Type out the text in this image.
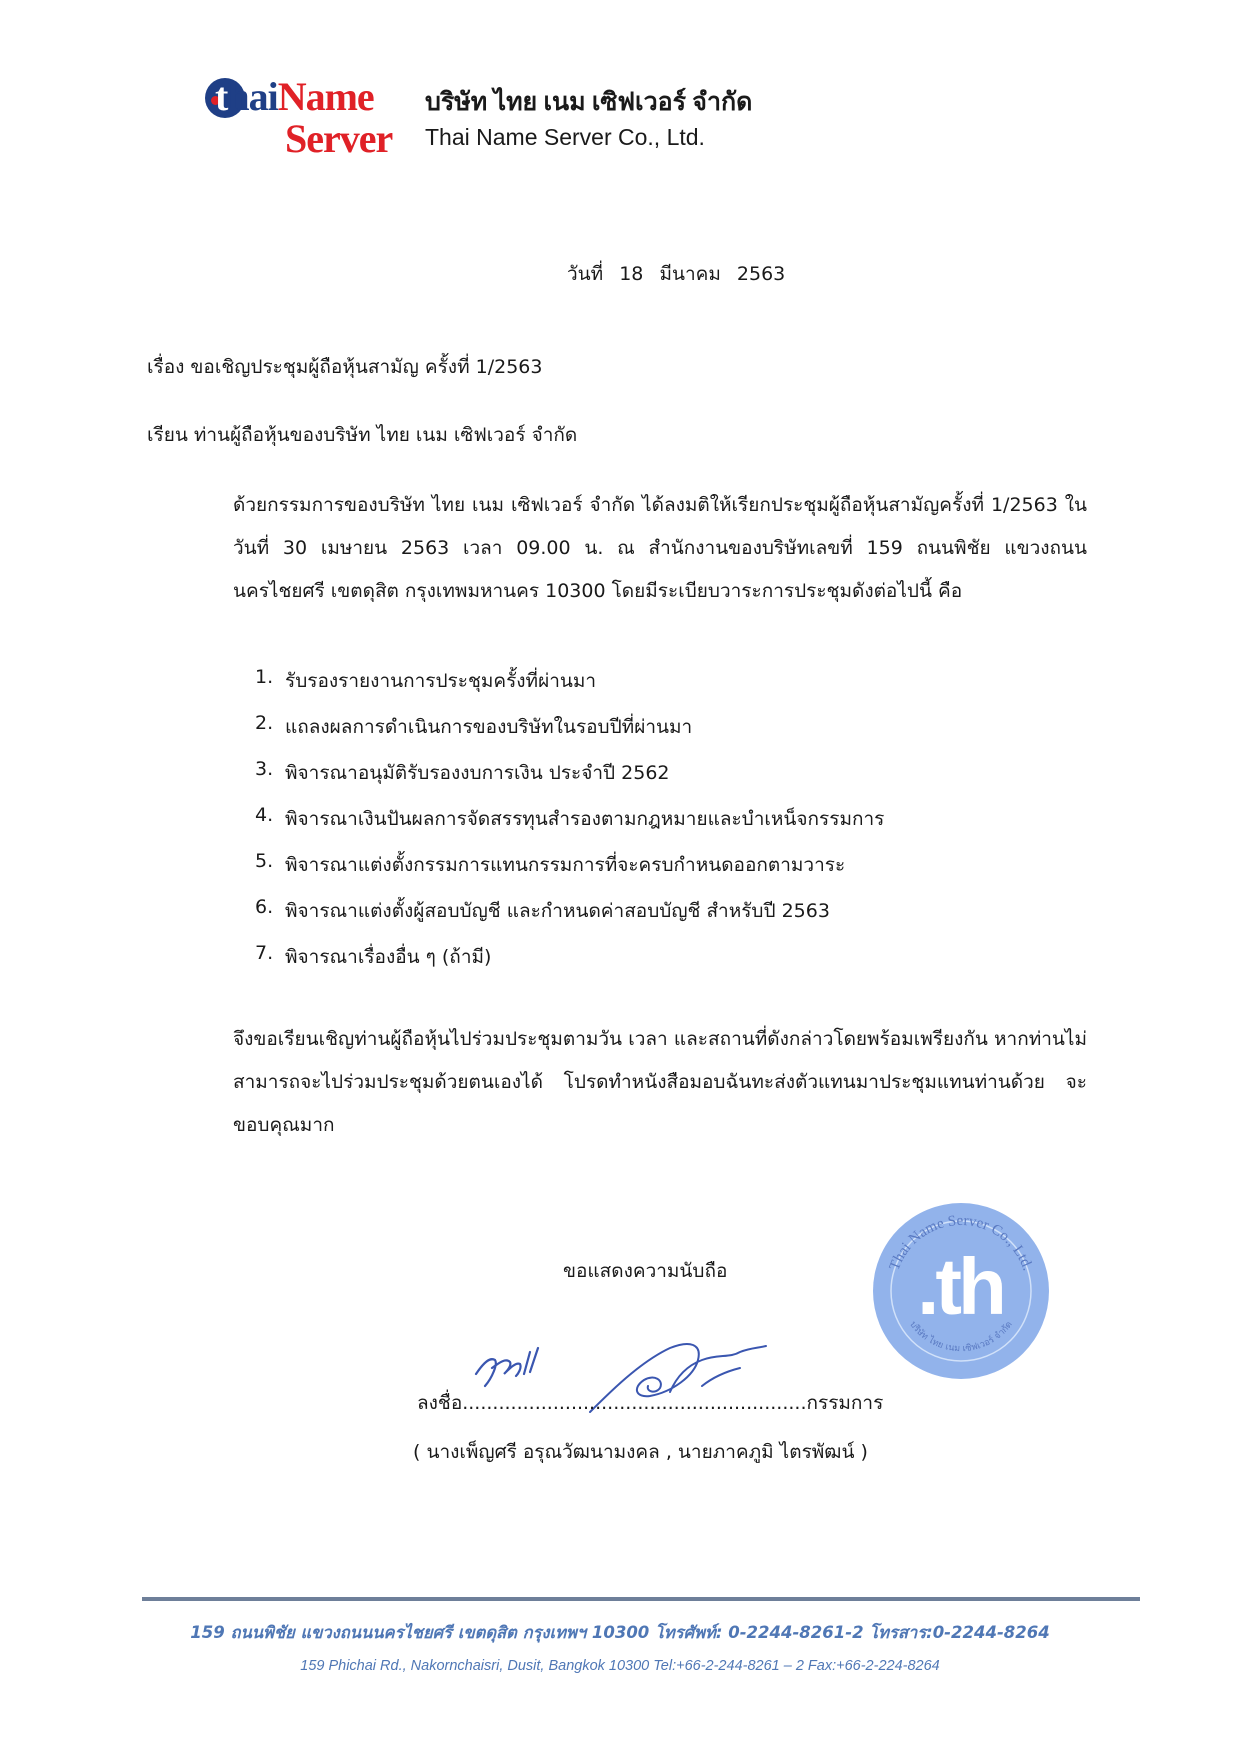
thaiName
Server
บริษัท ไทย เนม เซิฟเวอร์ จำกัด
Thai Name Server Co., Ltd.
วันที่ 18 มีนาคม 2563
เรื่อง ขอเชิญประชุมผู้ถือหุ้นสามัญ ครั้งที่ 1/2563
เรียน ท่านผู้ถือหุ้นของบริษัท ไทย เนม เซิฟเวอร์ จำกัด

ด้วยกรรมการของบริษัท ไทย เนม เซิฟเวอร์ จำกัด ได้ลงมติให้เรียกประชุมผู้ถือหุ้นสามัญครั้งที่ 1/2563 ในวันที่ 30 เมษายน 2563 เวลา 09.00 น. ณ สำนักงานของบริษัทเลขที่ 159 ถนนพิชัย แขวงถนนนครไชยศรี เขตดุสิต กรุงเทพมหานคร 10300 โดยมีระเบียบวาระการประชุมดังต่อไปนี้ คือ

1. รับรองรายงานการประชุมครั้งที่ผ่านมา
2. แถลงผลการดำเนินการของบริษัทในรอบปีที่ผ่านมา
3. พิจารณาอนุมัติรับรองงบการเงิน ประจำปี 2562
4. พิจารณาเงินปันผลการจัดสรรทุนสำรองตามกฎหมายและบำเหน็จกรรมการ
5. พิจารณาแต่งตั้งกรรมการแทนกรรมการที่จะครบกำหนดออกตามวาระ
6. พิจารณาแต่งตั้งผู้สอบบัญชี และกำหนดค่าสอบบัญชี สำหรับปี 2563
7. พิจารณาเรื่องอื่น ๆ (ถ้ามี)

จึงขอเรียนเชิญท่านผู้ถือหุ้นไปร่วมประชุมตามวัน เวลา และสถานที่ดังกล่าวโดยพร้อมเพรียงกัน หากท่านไม่สามารถจะไปร่วมประชุมด้วยตนเองได้ โปรดทำหนังสือมอบฉันทะส่งตัวแทนมาประชุมแทนท่านด้วย จะขอบคุณมาก

ขอแสดงความนับถือ	Thai Name Server Co., Ltd.
บริษัท ไทย เนม เซิฟเวอร์ จำกัด
.th
ลงชื่อ.........................................................กรรมการ
( นางเพ็ญศรี อรุณวัฒนามงคล , นายภาคภูมิ ไตรพัฒน์ )
159 ถนนพิชัย แขวงถนนนครไชยศรี เขตดุสิต กรุงเทพฯ 10300 โทรศัพท์: 0-2244-8261-2 โทรสาร:0-2244-8264
159 Phichai Rd., Nakornchaisri, Dusit, Bangkok 10300 Tel:+66-2-244-8261 – 2 Fax:+66-2-224-8264
